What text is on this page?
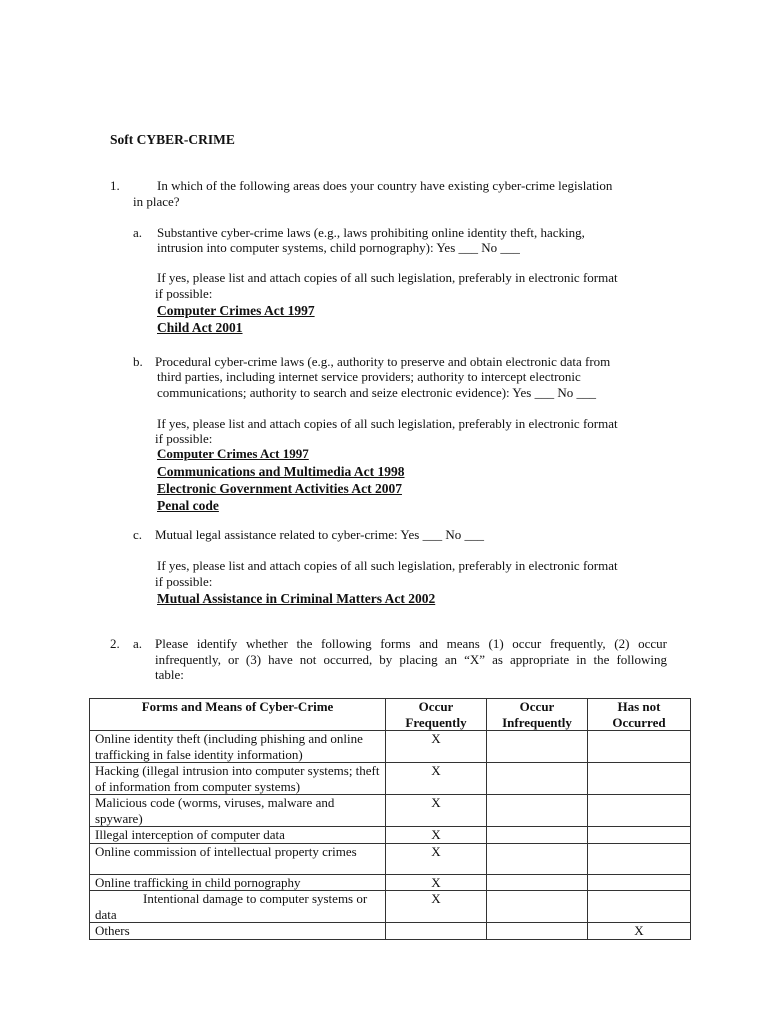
Soft CYBER-CRIME
1.	In which of the following areas does your country have existing cyber-crime legislation
in place?
a. Substantive cyber-crime laws (e.g., laws prohibiting online identity theft, hacking,
intrusion into computer systems, child pornography): Yes ___ No ___
If yes, please list and attach copies of all such legislation, preferably in electronic format
if possible:
Computer Crimes Act 1997
Child Act 2001
b. Procedural cyber-crime laws (e.g., authority to preserve and obtain electronic data from
third parties, including internet service providers; authority to intercept electronic
communications; authority to search and seize electronic evidence): Yes ___ No ___
If yes, please list and attach copies of all such legislation, preferably in electronic format
if possible:
Computer Crimes Act 1997
Communications and Multimedia Act 1998
Electronic Government Activities Act 2007
Penal code
c. Mutual legal assistance related to cyber-crime: Yes ___ No ___
If yes, please list and attach copies of all such legislation, preferably in electronic format
if possible:
Mutual Assistance in Criminal Matters Act 2002
2. a. Please identify whether the following forms and means (1) occur frequently, (2) occur
infrequently, or (3) have not occurred, by placing an “X” as appropriate in the following
table:
Forms and Means of Cyber-Crime	Occur Frequently	Occur Infrequently	Has not Occurred
Online identity theft (including phishing and online trafficking in false identity information)	X		
Hacking (illegal intrusion into computer systems; theft of information from computer systems)	X		
Malicious code (worms, viruses, malware and spyware)	X		
Illegal interception of computer data	X		
Online commission of intellectual property crimes	X		
Online trafficking in child pornography	X		
Intentional damage to computer systems or data	X		
Others			X
